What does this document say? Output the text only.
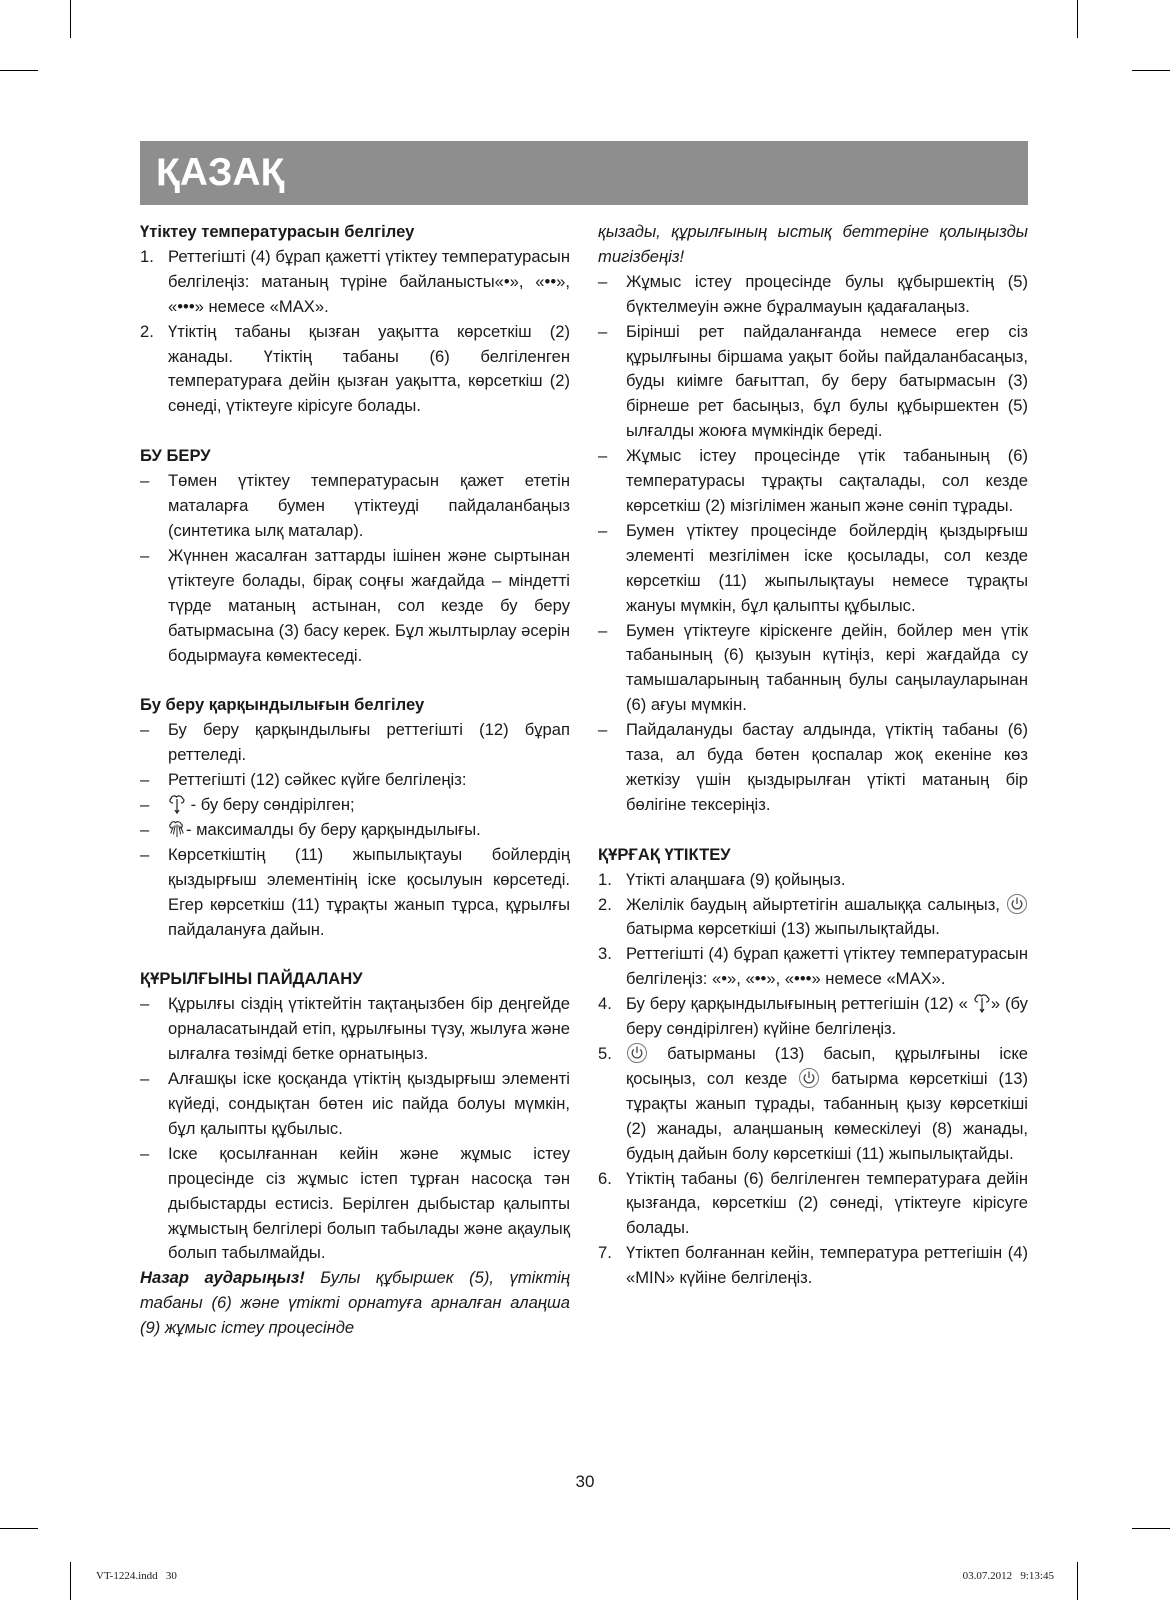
ҚАЗАҚ

Үтіктеу температурасын белгілеу

1. Реттегішті (4) бұрап қажетті үтіктеу температурасын белгілеңіз: матаның түріне байланысты«•», «••», «•••» немесе «MAX».

2. Үтіктің табаны қызған уақытта көрсеткіш (2) жанады. Үтіктің табаны (6) белгіленген температураға дейін қызған уақытта, көрсеткіш (2) сөнеді, үтіктеуге кірісуге болады.

БУ БЕРУ

– Төмен үтіктеу температурасын қажет ететін маталарға бумен үтіктеуді пайдаланбаңыз (синтетика ылқ маталар).

– Жүннен жасалған заттарды ішінен және сыртынан үтіктеуге болады, бірақ соңғы жағдайда – міндетті түрде матаның астынан, сол кезде бу беру батырмасына (3) басу керек. Бұл жылтырлау әсерін бодырмауға көмектеседі.

Бу беру қарқындылығын белгілеу

– Бу беру қарқындылығы реттегішті (12) бұрап реттеледі.

– Реттегішті (12) сәйкес күйге белгілеңіз:

–	- бу беру сөндірілген;

–	- максималды бу беру қарқындылығы.

– Көрсеткіштің (11) жыпылықтауы бойлердің қыздырғыш элементінің іске қосылуын көрсетеді. Егер көрсеткіш (11) тұрақты жанып тұрса, құрылғы пайдалануға дайын.

ҚҰРЫЛҒЫНЫ ПАЙДАЛАНУ

– Құрылғы сіздің үтіктейтін тақтаңызбен бір деңгейде орналасатындай етіп, құрылғыны түзу, жылуға және ылғалға төзімді бетке орнатыңыз.

– Алғашқы іске қосқанда үтіктің қыздырғыш элементі күйеді, сондықтан бөтен иіс пайда болуы мүмкін, бұл қалыпты құбылыс.

– Іске қосылғаннан кейін және жұмыс істеу процесінде сіз жұмыс істеп тұрған насосқа тән дыбыстарды естисіз. Берілген дыбыстар қалыпты жұмыстың белгілері болып табылады және ақаулық болып табылмайды.

Назар аударыңыз! Булы құбыршек (5), үтіктің табаны (6) және үтікті орнатуға арналған алаңша (9) жұмыс істеу процесінде

қызады, құрылғының ыстық беттеріне қолыңызды тигізбеңіз!

– Жұмыс істеу процесінде булы құбыршектің (5) бүктелмеуін әжне бұралмауын қадағалаңыз.

– Бірінші рет пайдаланғанда немесе егер сіз құрылғыны біршама уақыт бойы пайдаланбасаңыз, буды киімге бағыттап, бу беру батырмасын (3) бірнеше рет басыңыз, бұл булы құбыршектен (5) ылғалды жоюға мүмкіндік береді.

– Жұмыс істеу процесінде үтік табанының (6) температурасы тұрақты сақталады, сол кезде көрсеткіш (2) мізгілімен жанып және сөніп тұрады.

– Бумен үтіктеу процесінде бойлердің қыздырғыш элементі мезгілімен іске қосылады, сол кезде көрсеткіш (11) жыпылықтауы немесе тұрақты жануы мүмкін, бұл қалыпты құбылыс.

– Бумен үтіктеуге кіріскенге дейін, бойлер мен үтік табанының (6) қызуын күтіңіз, кері жағдайда су тамышаларының табанның булы саңылауларынан (6) ағуы мүмкін.

– Пайдалануды бастау алдында, үтіктің табаны (6) таза, ал буда бөтен қоспалар жоқ екеніне көз жеткізу үшін қыздырылған үтікті матаның бір бөлігіне тексеріңіз.

ҚҰРҒАҚ ҮТІКТЕУ

1. Үтікті алаңшаға (9) қойыңыз.

2. Желілік баудың айыртетігін ашалыққа салыңыз,  батырма көрсеткіші (13) жыпылықтайды.

3. Реттегішті (4) бұрап қажетті үтіктеу температурасын белгілеңіз: «•», «••», «•••» немесе «MAX».

4. Бу беру қарқындылығының реттегішін (12) « » (бу беру сөндірілген) күйіне белгілеңіз.

5.	батырманы (13) басып, құрылғыны іске қосыңыз, сол кезде	батырма көрсеткіші (13) тұрақты жанып тұрады, табанның қызу көрсеткіші (2) жанады, алаңшаның көмескілеуі (8) жанады, будың дайын болу көрсеткіші (11) жыпылықтайды.

6. Үтіктің табаны (6) белгіленген температураға дейін қызғанда, көрсеткіш (2) сөнеді, үтіктеуге кірісуге болады.

7. Үтіктеп болғаннан кейін, температура реттегішін (4) «MIN» күйіне белгілеңіз.

30
VT-1224.indd   30	03.07.2012   9:13:45
